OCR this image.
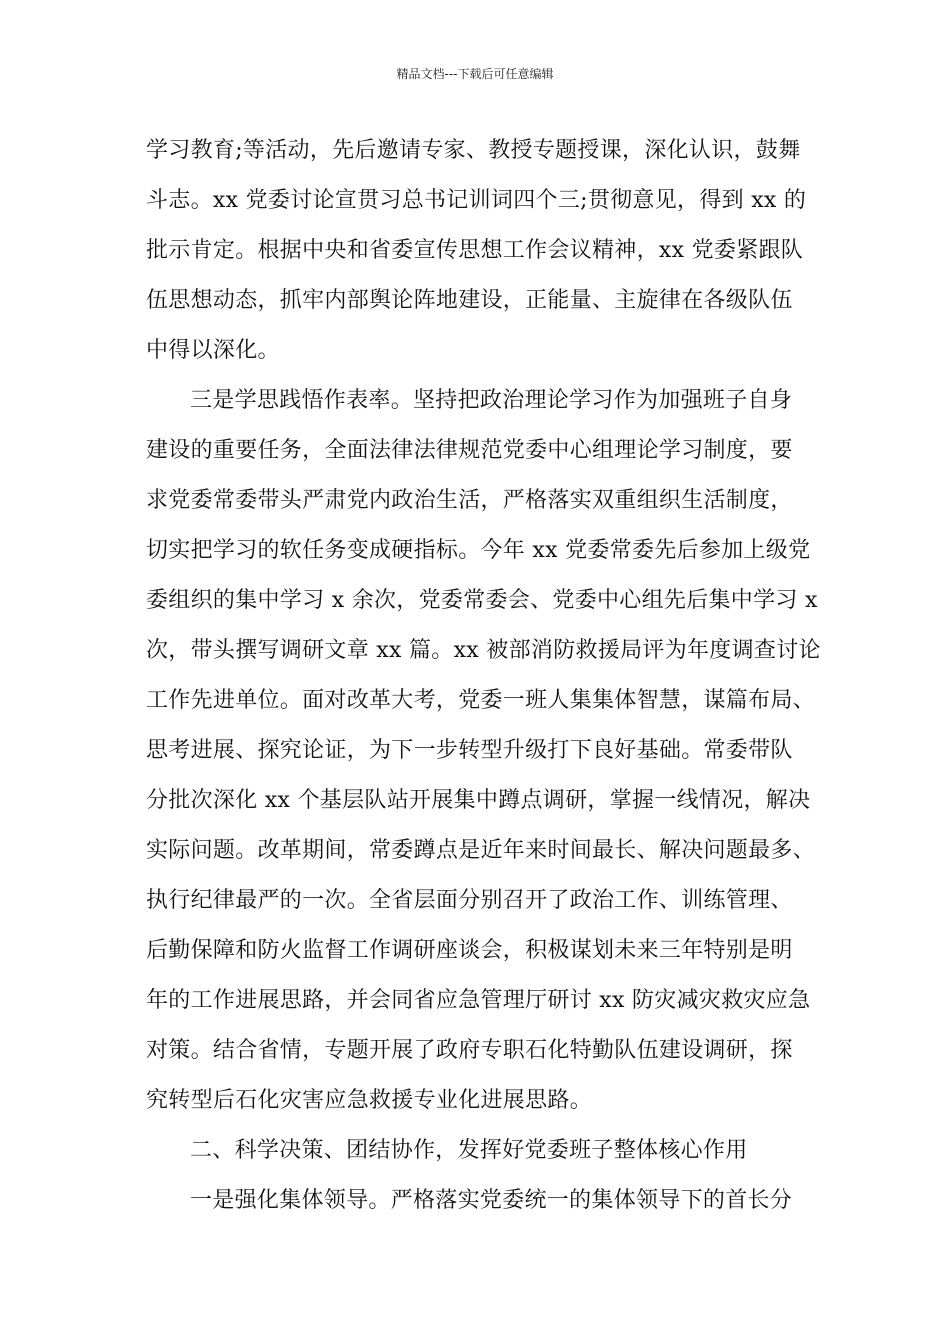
精品文档---下载后可任意编辑
学习教育;等活动，先后邀请专家、教授专题授课，深化认识，鼓舞
斗志。xx 党委讨论宣贯习总书记训词四个三;贯彻意见，得到 xx 的
批示肯定。根据中央和省委宣传思想工作会议精神，xx 党委紧跟队
伍思想动态，抓牢内部舆论阵地建设，正能量、主旋律在各级队伍
中得以深化。
三是学思践悟作表率。坚持把政治理论学习作为加强班子自身
建设的重要任务，全面法律法律规范党委中心组理论学习制度，要
求党委常委带头严肃党内政治生活，严格落实双重组织生活制度，
切实把学习的软任务变成硬指标。今年 xx 党委常委先后参加上级党
委组织的集中学习 x 余次，党委常委会、党委中心组先后集中学习 x
次，带头撰写调研文章 xx 篇。xx 被部消防救援局评为年度调查讨论
工作先进单位。面对改革大考，党委一班人集集体智慧，谋篇布局、
思考进展、探究论证，为下一步转型升级打下良好基础。常委带队
分批次深化 xx 个基层队站开展集中蹲点调研，掌握一线情况，解决
实际问题。改革期间，常委蹲点是近年来时间最长、解决问题最多、
执行纪律最严的一次。全省层面分别召开了政治工作、训练管理、
后勤保障和防火监督工作调研座谈会，积极谋划未来三年特别是明
年的工作进展思路，并会同省应急管理厅研讨 xx 防灾减灾救灾应急
对策。结合省情，专题开展了政府专职石化特勤队伍建设调研，探
究转型后石化灾害应急救援专业化进展思路。
二、科学决策、团结协作，发挥好党委班子整体核心作用
一是强化集体领导。严格落实党委统一的集体领导下的首长分
